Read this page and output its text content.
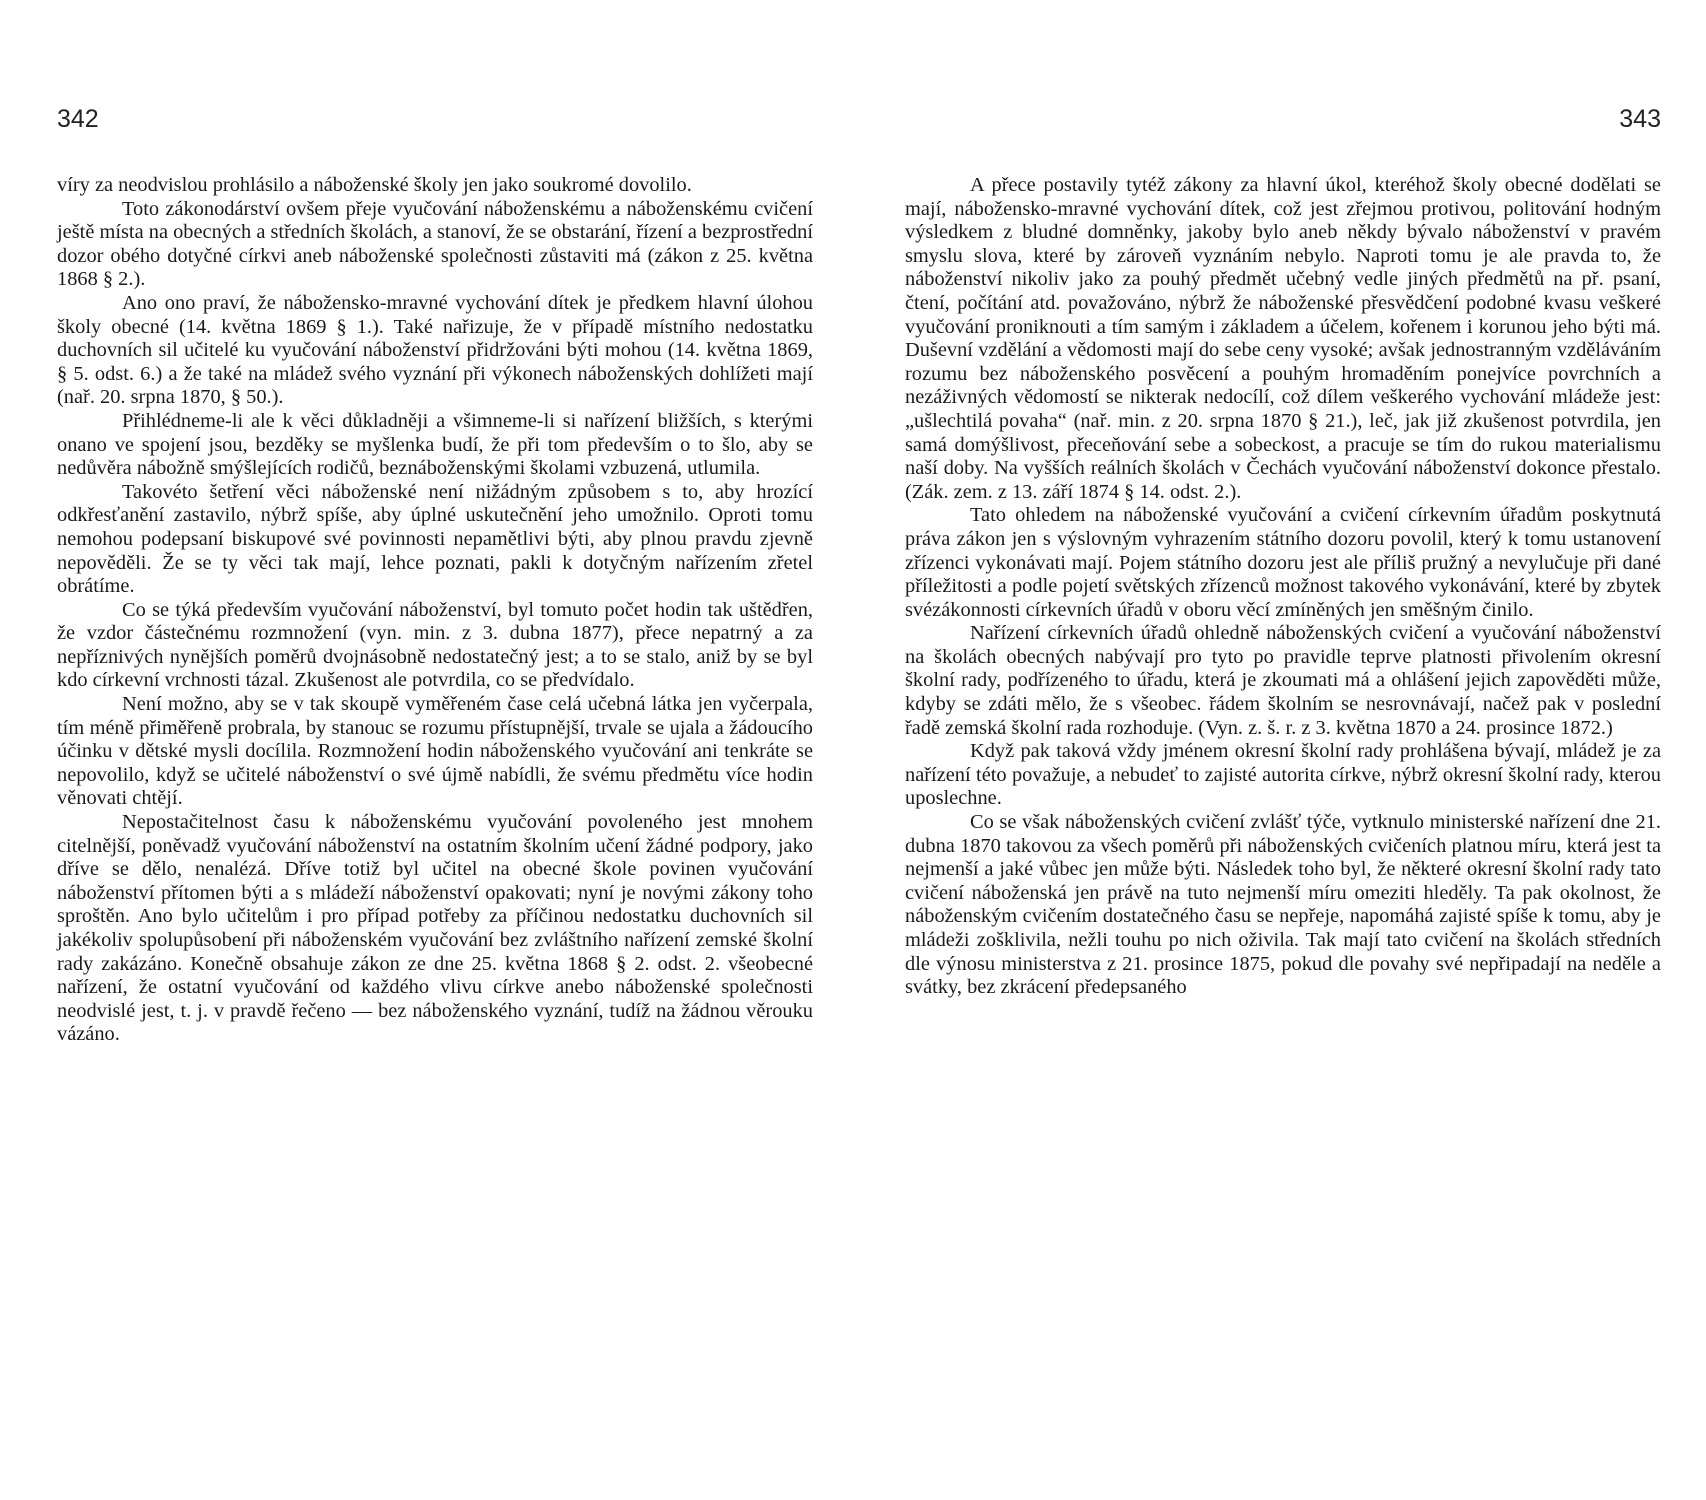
342

víry za neodvislou prohlásilo a náboženské školy jen jako soukromé dovolilo.

Toto zákonodárství ovšem přeje vyučování náboženskému a náboženskému cvičení ještě místa na obecných a středních školách, a stanoví, že se obstarání, řízení a bezprostřední dozor obého dotyčné církvi aneb náboženské společnosti zůstaviti má (zákon z 25. května 1868 § 2.).

Ano ono praví, že nábožensko-mravné vychování dítek je předkem hlavní úlohou školy obecné (14. května 1869 § 1.). Také nařizuje, že v případě místního nedostatku duchovních sil učitelé ku vyučování náboženství přidržováni býti mohou (14. května 1869, § 5. odst. 6.) a že také na mládež svého vyznání při výkonech náboženských dohlížeti mají (nař. 20. srpna 1870, § 50.).

Přihlédneme-li ale k věci důkladněji a všimneme-li si nařízení bližších, s kterými onano ve spojení jsou, bezděky se myšlenka budí, že při tom především o to šlo, aby se nedůvěra nábožně smýšlejících rodičů, beznáboženskými školami vzbuzená, utlumila.

Takovéto šetření věci náboženské není nižádným způsobem s to, aby hrozící odkřesťanění zastavilo, nýbrž spíše, aby úplné uskutečnění jeho umožnilo. Oproti tomu nemohou podepsaní biskupové své povinnosti nepamětlivi býti, aby plnou pravdu zjevně nepověděli. Že se ty věci tak mají, lehce poznati, pakli k dotyčným nařízením zřetel obrátíme.

Co se týká především vyučování náboženství, byl tomuto počet hodin tak uštědřen, že vzdor částečnému rozmnožení (vyn. min. z 3. dubna 1877), přece nepatrný a za nepříznivých nynějších poměrů dvojnásobně nedostatečný jest; a to se stalo, aniž by se byl kdo církevní vrchnosti tázal. Zkušenost ale potvrdila, co se předvídalo.

Není možno, aby se v tak skoupě vyměřeném čase celá učebná látka jen vyčerpala, tím méně přiměřeně probrala, by stanouc se rozumu přístupnější, trvale se ujala a žádoucího účinku v dětské mysli docílila. Rozmnožení hodin náboženského vyučování ani tenkráte se nepovolilo, když se učitelé náboženství o své újmě nabídli, že svému předmětu více hodin věnovati chtějí.

Nepostačitelnost času k náboženskému vyučování povoleného jest mnohem citelnější, poněvadž vyučování náboženství na ostatním školním učení žádné podpory, jako dříve se dělo, nenalézá. Dříve totiž byl učitel na obecné škole povinen vyučování náboženství přítomen býti a s mládeží náboženství opakovati; nyní je novými zákony toho sproštěn. Ano bylo učitelům i pro případ potřeby za příčinou nedostatku duchovních sil jakékoliv spolupůsobení při náboženském vyučování bez zvláštního nařízení zemské školní rady zakázáno. Konečně obsahuje zákon ze dne 25. května 1868 § 2. odst. 2. všeobecné nařízení, že ostatní vyučování od každého vlivu církve anebo náboženské společnosti neodvislé jest, t. j. v pravdě řečeno — bez náboženského vyznání, tudíž na žádnou věrouku vázáno.

343

A přece postavily tytéž zákony za hlavní úkol, kteréhož školy obecné dodělati se mají, nábožensko-mravné vychování dítek, což jest zřejmou protivou, politování hodným výsledkem z bludné domněnky, jakoby bylo aneb někdy bývalo náboženství v pravém smyslu slova, které by zároveň vyznáním nebylo. Naproti tomu je ale pravda to, že náboženství nikoliv jako za pouhý předmět učebný vedle jiných předmětů na př. psaní, čtení, počítání atd. považováno, nýbrž že náboženské přesvědčení podobné kvasu veškeré vyučování proniknouti a tím samým i základem a účelem, kořenem i korunou jeho býti má. Duševní vzdělání a vědomosti mají do sebe ceny vysoké; avšak jednostranným vzděláváním rozumu bez náboženského posvěcení a pouhým hromaděním ponejvíce povrchních a nezáživných vědomostí se nikterak nedocílí, což dílem veškerého vychování mládeže jest: „ušlechtilá povaha“ (nař. min. z 20. srpna 1870 § 21.), leč, jak již zkušenost potvrdila, jen samá domýšlivost, přeceňování sebe a sobeckost, a pracuje se tím do rukou materialismu naší doby. Na vyšších reálních školách v Čechách vyučování náboženství dokonce přestalo. (Zák. zem. z 13. září 1874 § 14. odst. 2.).

Tato ohledem na náboženské vyučování a cvičení církevním úřadům poskytnutá práva zákon jen s výslovným vyhrazením státního dozoru povolil, který k tomu ustanovení zřízenci vykonávati mají. Pojem státního dozoru jest ale příliš pružný a nevylučuje při dané příležitosti a podle pojetí světských zřízenců možnost takového vykonávání, které by zbytek svézákonnosti církevních úřadů v oboru věcí zmíněných jen směšným činilo.

Nařízení církevních úřadů ohledně náboženských cvičení a vyučování náboženství na školách obecných nabývají pro tyto po pravidle teprve platnosti přivolením okresní školní rady, podřízeného to úřadu, která je zkoumati má a ohlášení jejich zapověděti může, kdyby se zdáti mělo, že s všeobec. řádem školním se nesrovnávají, načež pak v poslední řadě zemská školní rada rozhoduje. (Vyn. z. š. r. z 3. května 1870 a 24. prosince 1872.)

Když pak taková vždy jménem okresní školní rady prohlášena bývají, mládež je za nařízení této považuje, a nebudeť to zajisté autorita církve, nýbrž okresní školní rady, kterou uposlechne.

Co se však náboženských cvičení zvlášť týče, vytknulo ministerské nařízení dne 21. dubna 1870 takovou za všech poměrů při náboženských cvičeních platnou míru, která jest ta nejmenší a jaké vůbec jen může býti. Následek toho byl, že některé okresní školní rady tato cvičení náboženská jen právě na tuto nejmenší míru omeziti hleděly. Ta pak okolnost, že náboženským cvičením dostatečného času se nepřeje, napomáhá zajisté spíše k tomu, aby je mládeži zošklivila, nežli touhu po nich oživila. Tak mají tato cvičení na školách středních dle výnosu ministerstva z 21. prosince 1875, pokud dle povahy své nepřipadají na neděle a svátky, bez zkrácení předepsaného
